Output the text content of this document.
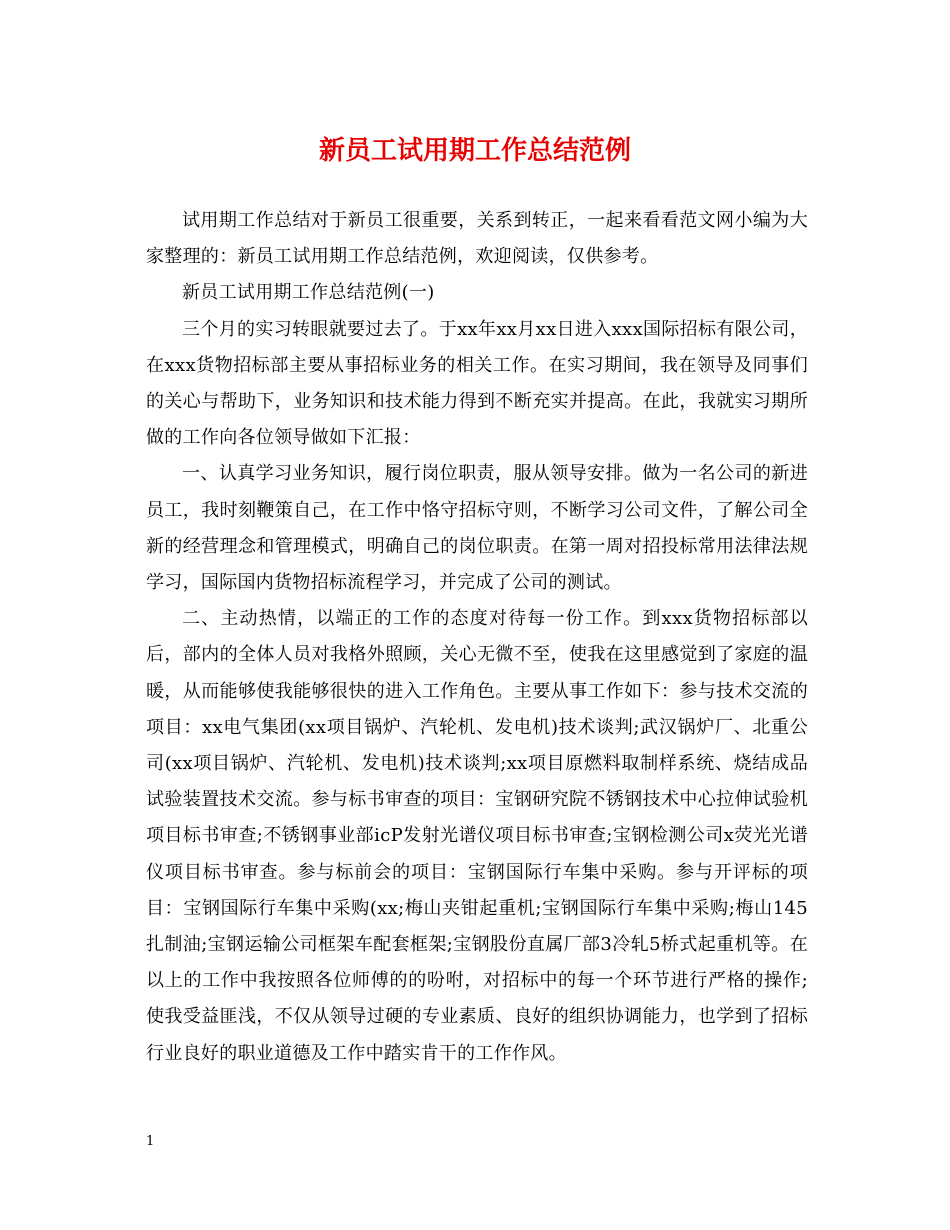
新员工试用期工作总结范例

试用期工作总结对于新员工很重要，关系到转正，一起来看看范文网小编为大家整理的：新员工试用期工作总结范例，欢迎阅读，仅供参考。

新员工试用期工作总结范例(一)

三个月的实习转眼就要过去了。于xx年xx月xx日进入xxx国际招标有限公司，在xxx货物招标部主要从事招标业务的相关工作。在实习期间，我在领导及同事们的关心与帮助下，业务知识和技术能力得到不断充实并提高。在此，我就实习期所做的工作向各位领导做如下汇报：

一、认真学习业务知识，履行岗位职责，服从领导安排。做为一名公司的新进员工，我时刻鞭策自己，在工作中恪守招标守则，不断学习公司文件，了解公司全新的经营理念和管理模式，明确自己的岗位职责。在第一周对招投标常用法律法规学习，国际国内货物招标流程学习，并完成了公司的测试。

二、主动热情，以端正的工作的态度对待每一份工作。到xxx货物招标部以后，部内的全体人员对我格外照顾，关心无微不至，使我在这里感觉到了家庭的温暖，从而能够使我能够很快的进入工作角色。主要从事工作如下：参与技术交流的项目：xx电气集团(xx项目锅炉、汽轮机、发电机)技术谈判;武汉锅炉厂、北重公司(xx项目锅炉、汽轮机、发电机)技术谈判;xx项目原燃料取制样系统、烧结成品试验装置技术交流。参与标书审查的项目：宝钢研究院不锈钢技术中心拉伸试验机项目标书审查;不锈钢事业部icP发射光谱仪项目标书审查;宝钢检测公司x荧光光谱仪项目标书审查。参与标前会的项目：宝钢国际行车集中采购。参与开评标的项目：宝钢国际行车集中采购(xx;梅山夹钳起重机;宝钢国际行车集中采购;梅山145扎制油;宝钢运输公司框架车配套框架;宝钢股份直属厂部3冷轧5桥式起重机等。在以上的工作中我按照各位师傅的的吩咐，对招标中的每一个环节进行严格的操作;使我受益匪浅，不仅从领导过硬的专业素质、良好的组织协调能力，也学到了招标行业良好的职业道德及工作中踏实肯干的工作作风。

1
